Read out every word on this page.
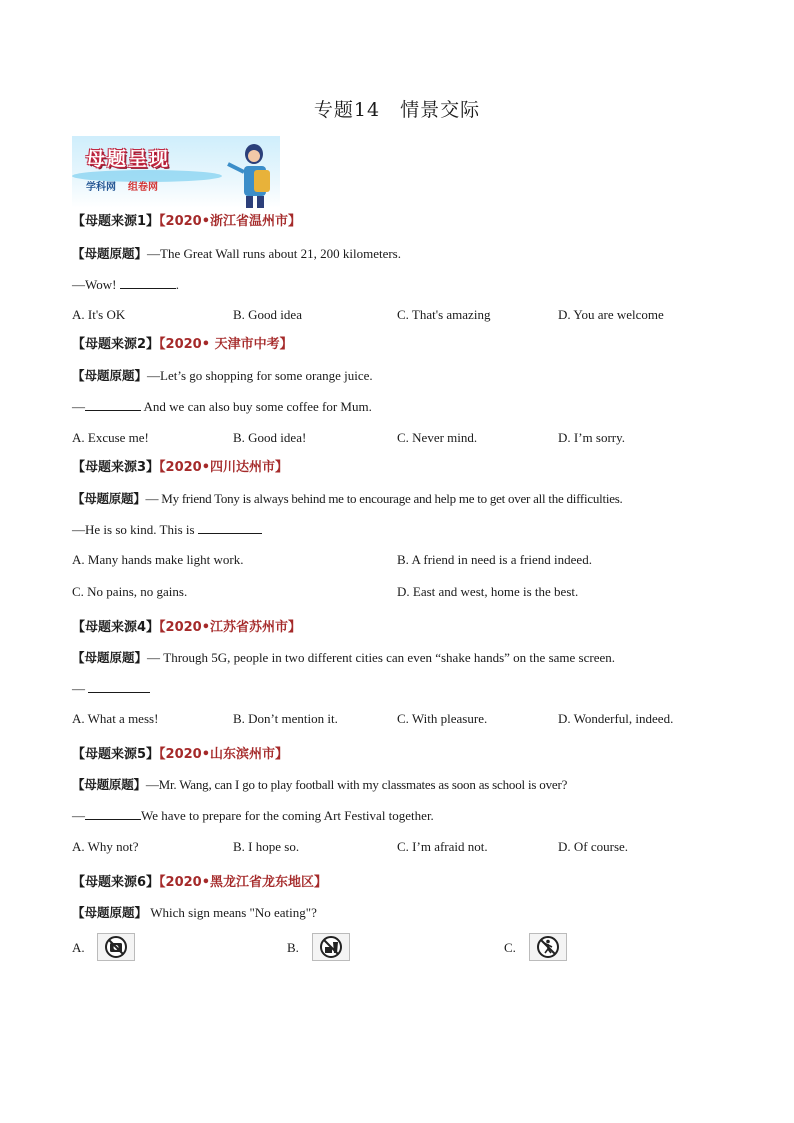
专题14　情景交际
母题呈现
学科网 组卷网
【母题来源1】【2020•浙江省温州市】
【母题原题】—The Great Wall runs about 21, 200 kilometers.
—Wow!	.
A. It's OK	B. Good idea	C. That's amazing	D. You are welcome
【母题来源2】【2020• 天津市中考】
【母题原题】—Let’s go shopping for some orange juice.
—	And we can also buy some coffee for Mum.
A. Excuse me!	B. Good idea!	C. Never mind.	D. I’m sorry.
【母题来源3】【2020•四川达州市】
【母题原题】— My friend Tony is always behind me to encourage and help me to get over all the difficulties.
—He is so kind. This is
A. Many hands make light work.	B. A friend in need is a friend indeed.
C. No pains, no gains.	D. East and west, home is the best.
【母题来源4】【2020•江苏省苏州市】
【母题原题】— Through 5G, people in two different cities can even “shake hands” on the same screen.
—
A. What a mess!	B. Don’t mention it.	C. With pleasure.	D. Wonderful, indeed.
【母题来源5】【2020•山东滨州市】
【母题原题】—Mr. Wang, can I go to play football with my classmates as soon as school is over?
—	We have to prepare for the coming Art Festival together.
A. Why not?	B. I hope so.	C. I’m afraid not.	D. Of course.
【母题来源6】【2020•黑龙江省龙东地区】
【母题原题】 Which sign means "No eating"?
A.	B.	C.
